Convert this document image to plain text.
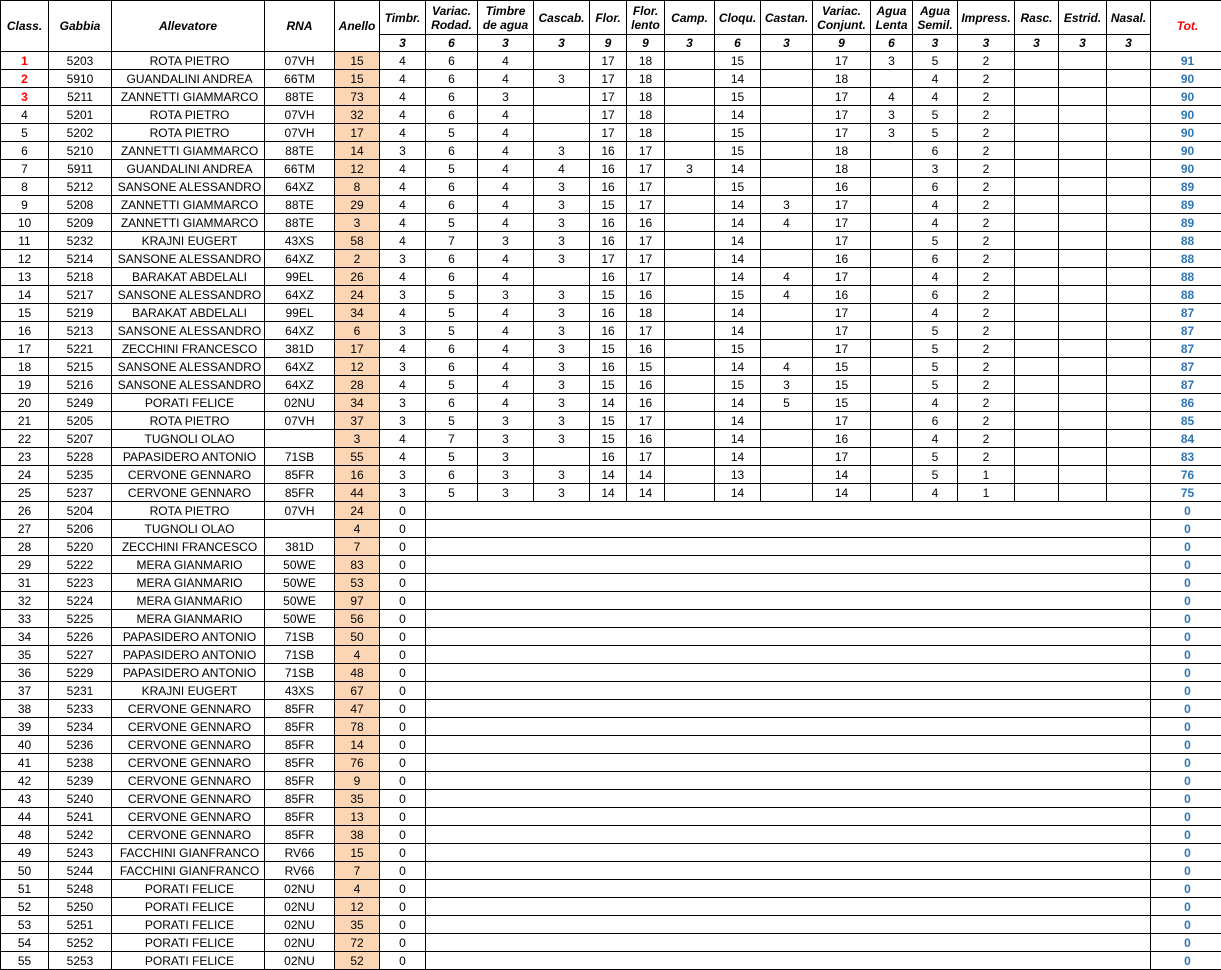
Class.	Gabbia	Allevatore	RNA	Anello	Timbr.	Variac. Rodad.	Timbre de agua	Cascab.	Flor.	Flor. lento	Camp.	Cloqu.	Castan.	Variac. Conjunt.	Agua Lenta	Agua Semil.	Impress.	Rasc.	Estrid.	Nasal.	Tot.
					3	6	3	3	9	9	3	6	3	9	6	3	3	3	3	3	
1	5203	ROTA PIETRO	07VH	15	4	6	4		17	18		15		17	3	5	2				91
2	5910	GUANDALINI ANDREA	66TM	15	4	6	4	3	17	18		14		18		4	2				90
3	5211	ZANNETTI GIAMMARCO	88TE	73	4	6	3		17	18		15		17	4	4	2				90
4	5201	ROTA PIETRO	07VH	32	4	6	4		17	18		14		17	3	5	2				90
5	5202	ROTA PIETRO	07VH	17	4	5	4		17	18		15		17	3	5	2				90
6	5210	ZANNETTI GIAMMARCO	88TE	14	3	6	4	3	16	17		15		18		6	2				90
7	5911	GUANDALINI ANDREA	66TM	12	4	5	4	4	16	17	3	14		18		3	2				90
8	5212	SANSONE ALESSANDRO	64XZ	8	4	6	4	3	16	17		15		16		6	2				89
9	5208	ZANNETTI GIAMMARCO	88TE	29	4	6	4	3	15	17		14	3	17		4	2				89
10	5209	ZANNETTI GIAMMARCO	88TE	3	4	5	4	3	16	16		14	4	17		4	2				89
11	5232	KRAJNI EUGERT	43XS	58	4	7	3	3	16	17		14		17		5	2				88
12	5214	SANSONE ALESSANDRO	64XZ	2	3	6	4	3	17	17		14		16		6	2				88
13	5218	BARAKAT ABDELALI	99EL	26	4	6	4		16	17		14	4	17		4	2				88
14	5217	SANSONE ALESSANDRO	64XZ	24	3	5	3	3	15	16		15	4	16		6	2				88
15	5219	BARAKAT ABDELALI	99EL	34	4	5	4	3	16	18		14		17		4	2				87
16	5213	SANSONE ALESSANDRO	64XZ	6	3	5	4	3	16	17		14		17		5	2				87
17	5221	ZECCHINI FRANCESCO	381D	17	4	6	4	3	15	16		15		17		5	2				87
18	5215	SANSONE ALESSANDRO	64XZ	12	3	6	4	3	16	15		14	4	15		5	2				87
19	5216	SANSONE ALESSANDRO	64XZ	28	4	5	4	3	15	16		15	3	15		5	2				87
20	5249	PORATI FELICE	02NU	34	3	6	4	3	14	16		14	5	15		4	2				86
21	5205	ROTA PIETRO	07VH	37	3	5	3	3	15	17		14		17		6	2				85
22	5207	TUGNOLI OLAO		3	4	7	3	3	15	16		14		16		4	2				84
23	5228	PAPASIDERO ANTONIO	71SB	55	4	5	3		16	17		14		17		5	2				83
24	5235	CERVONE GENNARO	85FR	16	3	6	3	3	14	14		13		14		5	1				76
25	5237	CERVONE GENNARO	85FR	44	3	5	3	3	14	14		14		14		4	1				75
26	5204	ROTA PIETRO	07VH	24	0																0
27	5206	TUGNOLI OLAO		4	0																0
28	5220	ZECCHINI FRANCESCO	381D	7	0																0
29	5222	MERA GIANMARIO	50WE	83	0																0
31	5223	MERA GIANMARIO	50WE	53	0																0
32	5224	MERA GIANMARIO	50WE	97	0																0
33	5225	MERA GIANMARIO	50WE	56	0																0
34	5226	PAPASIDERO ANTONIO	71SB	50	0																0
35	5227	PAPASIDERO ANTONIO	71SB	4	0																0
36	5229	PAPASIDERO ANTONIO	71SB	48	0																0
37	5231	KRAJNI EUGERT	43XS	67	0																0
38	5233	CERVONE GENNARO	85FR	47	0																0
39	5234	CERVONE GENNARO	85FR	78	0																0
40	5236	CERVONE GENNARO	85FR	14	0																0
41	5238	CERVONE GENNARO	85FR	76	0																0
42	5239	CERVONE GENNARO	85FR	9	0																0
43	5240	CERVONE GENNARO	85FR	35	0																0
44	5241	CERVONE GENNARO	85FR	13	0																0
48	5242	CERVONE GENNARO	85FR	38	0																0
49	5243	FACCHINI GIANFRANCO	RV66	15	0																0
50	5244	FACCHINI GIANFRANCO	RV66	7	0																0
51	5248	PORATI FELICE	02NU	4	0																0
52	5250	PORATI FELICE	02NU	12	0																0
53	5251	PORATI FELICE	02NU	35	0																0
54	5252	PORATI FELICE	02NU	72	0																0
55	5253	PORATI FELICE	02NU	52	0																0
